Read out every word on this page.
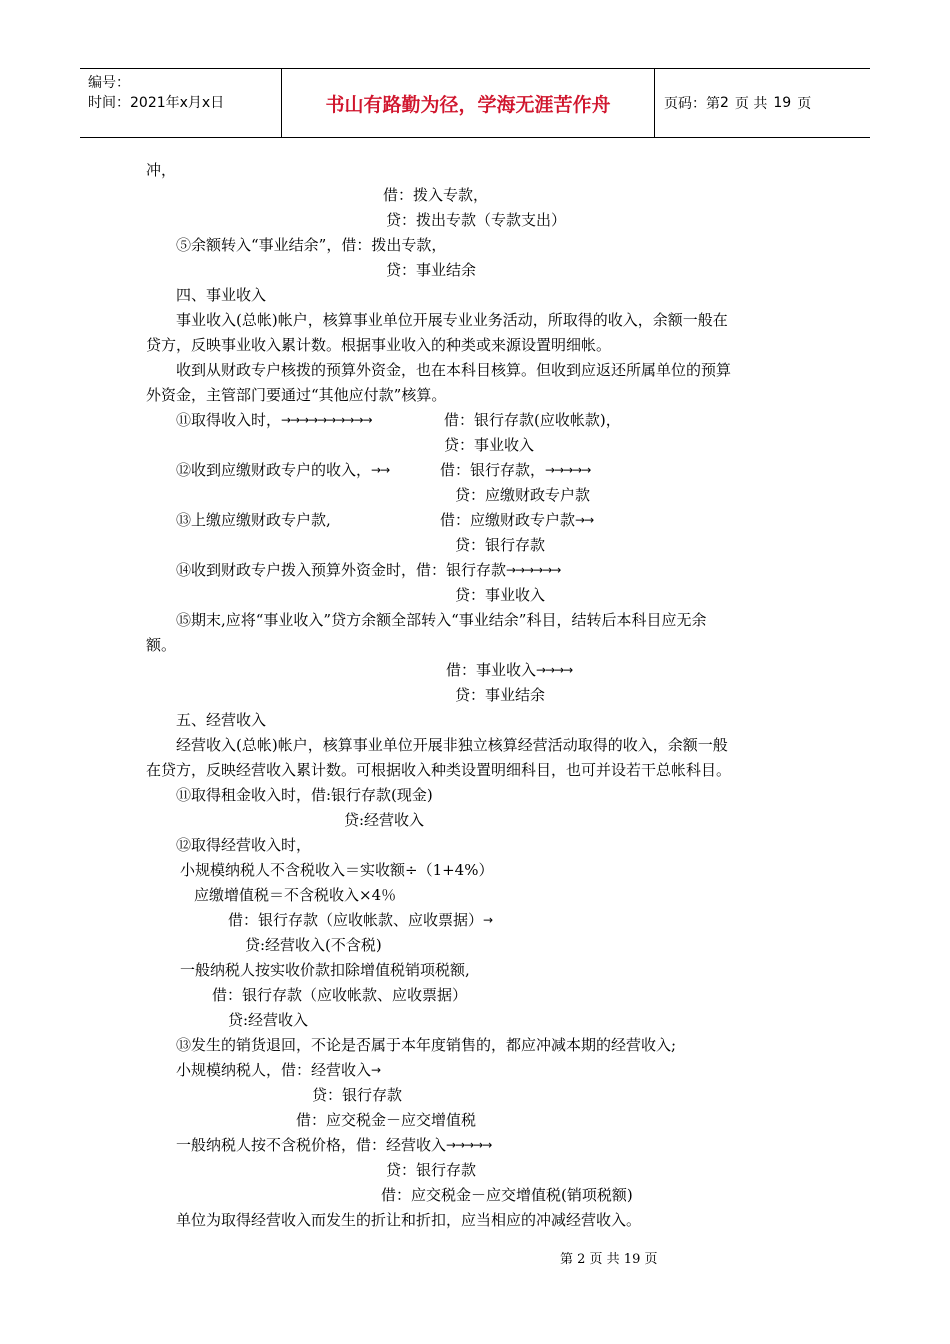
编号：
时间：2021年x月x日	书山有路勤为径，学海无涯苦作舟	页码：第 2 页 共 19 页
冲，
借：拨入专款，
贷：拨出专款（专款支出）
⑤余额转入“事业结余”，借：拨出专款，
贷：事业结余
四、事业收入
事业收入(总帐)帐户，核算事业单位开展专业业务活动，所取得的收入，余额一般在
贷方，反映事业收入累计数。根据事业收入的种类或来源设置明细帐。
收到从财政专户核拨的预算外资金，也在本科目核算。但收到应返还所属单位的预算
外资金，主管部门要通过“其他应付款”核算。
⑪取得收入时，→→→→→→→→→→	借：银行存款(应收帐款)，
贷：事业收入
⑫收到应缴财政专户的收入，→→	借：银行存款，→→→→→
贷：应缴财政专户款
⑬上缴应缴财政专户款,	借：应缴财政专户款→→
贷：银行存款
⑭收到财政专户拨入预算外资金时，借：银行存款→→→→→→
贷：事业收入
⑮期末,应将“事业收入”贷方余额全部转入“事业结余”科目，结转后本科目应无余
额。
借：事业收入→→→→
贷：事业结余
五、经营收入
经营收入(总帐)帐户，核算事业单位开展非独立核算经营活动取得的收入，余额一般
在贷方，反映经营收入累计数。可根据收入种类设置明细科目，也可并设若干总帐科目。
⑪取得租金收入时，借:银行存款(现金)
贷:经营收入
⑫取得经营收入时，
小规模纳税人不含税收入＝实收额÷（1+4%）
应缴增值税＝不含税收入×4％
借：银行存款（应收帐款、应收票据）→
贷:经营收入(不含税)
一般纳税人按实收价款扣除增值税销项税额,
借：银行存款（应收帐款、应收票据）
贷:经营收入
⑬发生的销货退回，不论是否属于本年度销售的，都应冲减本期的经营收入;
小规模纳税人，借：经营收入→
贷：银行存款
借：应交税金－应交增值税
一般纳税人按不含税价格，借：经营收入→→→→→
贷：银行存款
借：应交税金－应交增值税(销项税额)
单位为取得经营收入而发生的折让和折扣，应当相应的冲减经营收入。
第 2 页 共 19 页
